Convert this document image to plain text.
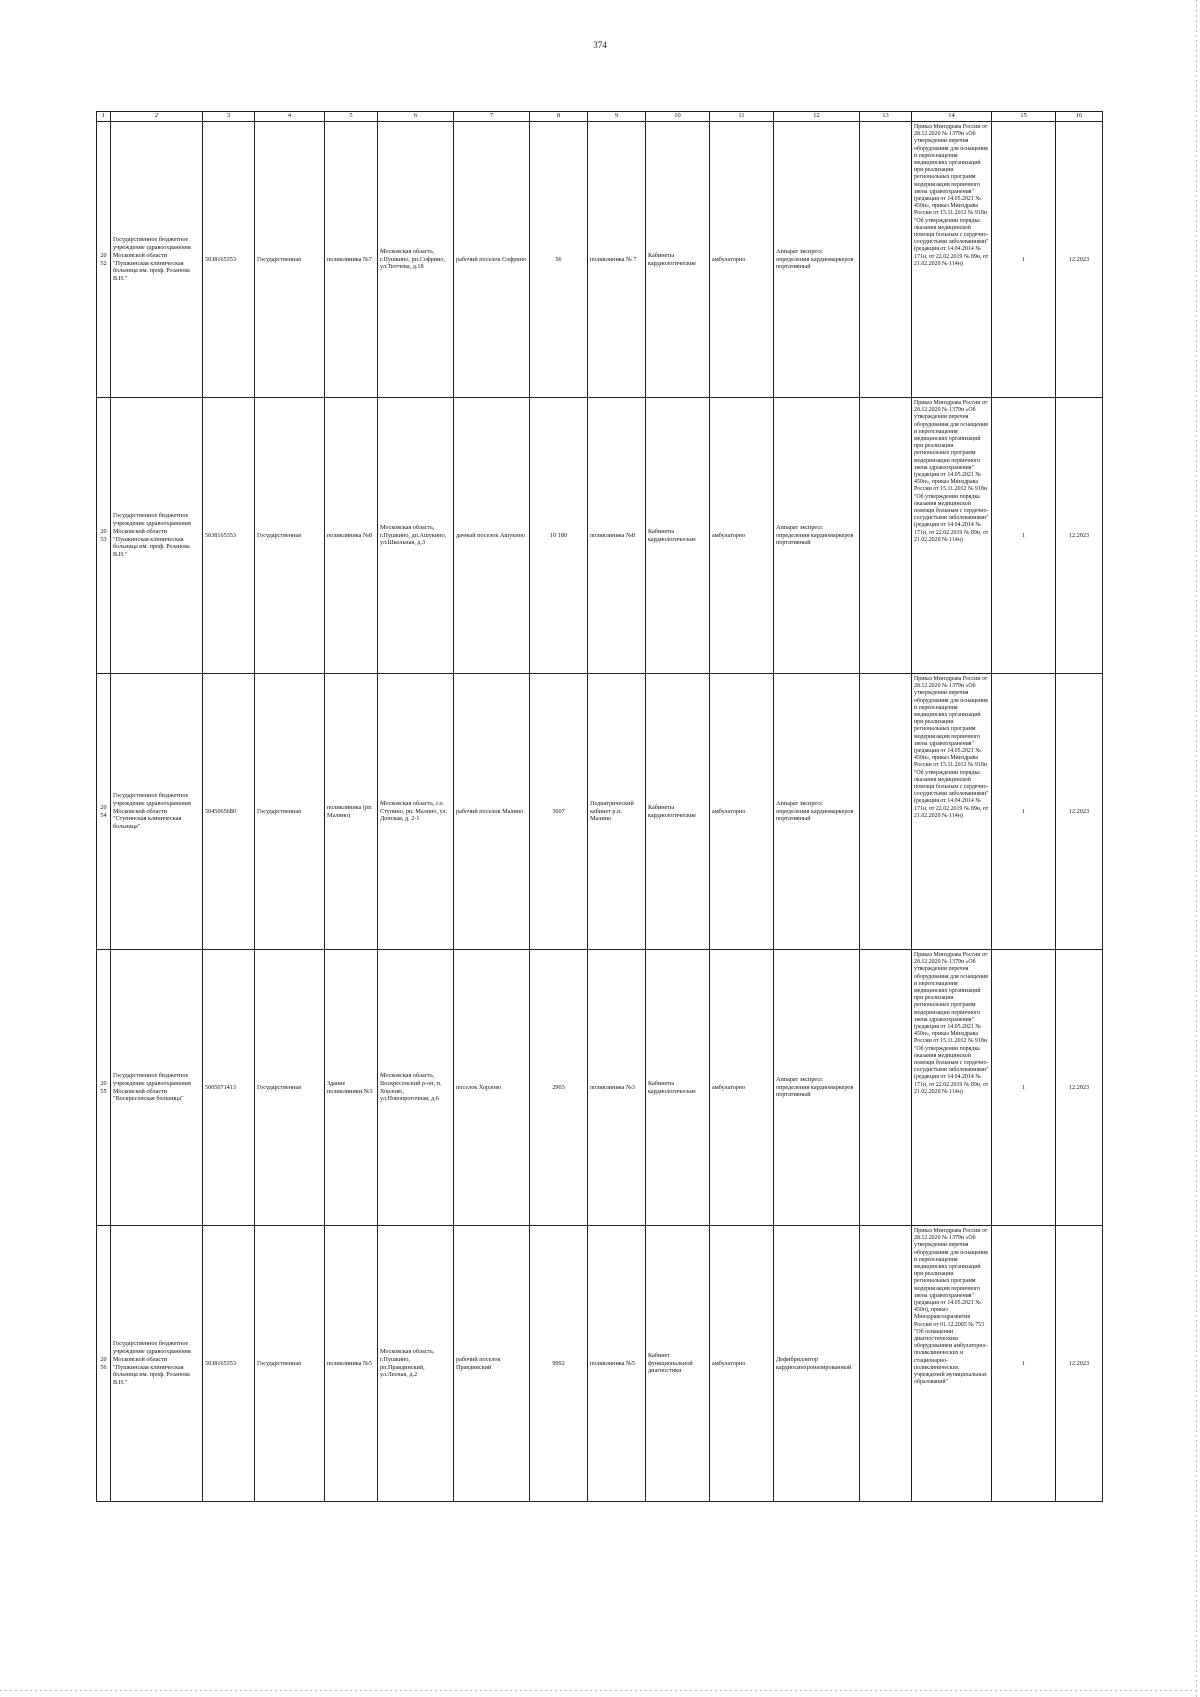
374
1	2	3	4	5	6	7	8	9	10	11	12	13	14	15	16
2052	Государственное бюджетное учреждение здравоохранения Московской области "Пушкинская клиническая больница им. проф. Розанова В.Н."	5038165353	Государственная	поликлиника №7	Московская область, г.Пушкино, рп.Софрино, ул.Тютчева, д.18	рабочий поселок Софрино	56	поликлиника № 7	Кабинеты кардиологические	амбулаторно	Аппарат экспресс определения кардиомаркеров портативный		Приказ Минздрава России от 28.12.2020 № 1379н «Об утверждении перечня оборудования для оснащения и переоснащения медицинских организаций при реализации региональных программ модернизации первичного звена здравоохранения"(редакция от 14.05.2021 № 450н», приказ Минздрава России от 15.11.2012 № 918н "Об утверждении порядка оказания медицинской помощи больным с сердечно-сосудистыми заболеваниями" (редакция от 14.04.2014 № 171н, от 22.02.2019 № 89н, от 21.02.2020 № 114н)	1	12.2023
2053	Государственное бюджетное учреждение здравоохранения Московской области "Пушкинская клиническая больница им. проф. Розанова В.Н."	5038165353	Государственная	поликлиника №8	Московская область, г.Пушкино, дп.Ашукино, ул.Школьная, д.3	дачный поселок Ашукино	10 180	поликлиника №8	Кабинеты кардиологические	амбулаторно	Аппарат экспресс определения кардиомаркеров портативный		Приказ Минздрава России от 28.12.2020 № 1379н «Об утверждении перечня оборудования для оснащения и переоснащения медицинских организаций при реализации региональных программ модернизации первичного звена здравоохранения"(редакция от 14.05.2021 № 450н», приказ Минздрава России от 15.11.2012 № 918н "Об утверждении порядка оказания медицинской помощи больным с сердечно-сосудистыми заболеваниями" (редакция от 14.04.2014 № 171н, от 22.02.2019 № 89н, от 21.02.2020 № 114н)	1	12.2023
2054	Государственное бюджетное учреждение здравоохранения Московской области "Ступинская клиническая больница"	5045065680	Государственная	поликлиника (рп Малино)	Московская область, г.о. Ступино, рп. Малино, ул. Донская, д. 2-1	рабочий поселок Малино	3607	Педиатрический кабинет р.п. Малино	Кабинеты кардиологические	амбулаторно	Аппарат экспресс определения кардиомаркеров портативный		Приказ Минздрава России от 28.12.2020 № 1379н «Об утверждении перечня оборудования для оснащения и переоснащения медицинских организаций при реализации региональных программ модернизации первичного звена здравоохранения"(редакция от 14.05.2021 № 450н», приказ Минздрава России от 15.11.2012 № 918н "Об утверждении порядка оказания медицинской помощи больным с сердечно-сосудистыми заболеваниями" (редакция от 14.04.2014 № 171н, от 22.02.2019 № 89н, от 21.02.2020 № 114н)	1	12.2023
2055	Государственное бюджетное учреждение здравоохранения Московской области "Воскресенская больница"	5005071413	Государственная	Здание поликлиники №3	Московская область, Воскресенский р-он, п. Хорлово, ул.Новопроточная, д.6	поселок Хорлово	2903	поликлиника №3	Кабинеты кардиологические	амбулаторно	Аппарат экспресс определения кардиомаркеров портативный		Приказ Минздрава России от 28.12.2020 № 1379н «Об утверждении перечня оборудования для оснащения и переоснащения медицинских организаций при реализации региональных программ модернизации первичного звена здравоохранения"(редакция от 14.05.2021 № 450н», приказ Минздрава России от 15.11.2012 № 918н "Об утверждении порядка оказания медицинской помощи больным с сердечно-сосудистыми заболеваниями" (редакция от 14.04.2014 № 171н, от 22.02.2019 № 89н, от 21.02.2020 № 114н)	1	12.2023
2056	Государственное бюджетное учреждение здравоохранения Московской области "Пушкинская клиническая больница им. проф. Розанова В.Н."	5038165353	Государственная	поликлиника №5	Московская область, г.Пушкино, рп.Правдинский, ул.Лесная, д.2	рабочий поселок Правдинский	9992	поликлиника №5	Кабинет функциональной диагностики	амбулаторно	Дефибриллятор кардиосинхронизированный		Приказ Минздрава России от 28.12.2020 № 1379н «Об утверждении перечня оборудования для оснащения и переоснащения медицинских организаций при реализации региональных программ модернизации первичного звена здравоохранения"(редакция от 14.05.2021 № 450н), приказ Минздравсоцразвития России от 01.12.2005 № 753 "Об оснащении диагностическим оборудованием амбулаторно-поликлинических и стационарно-поликлинических учреждений муниципальных образований"	1	12.2023
